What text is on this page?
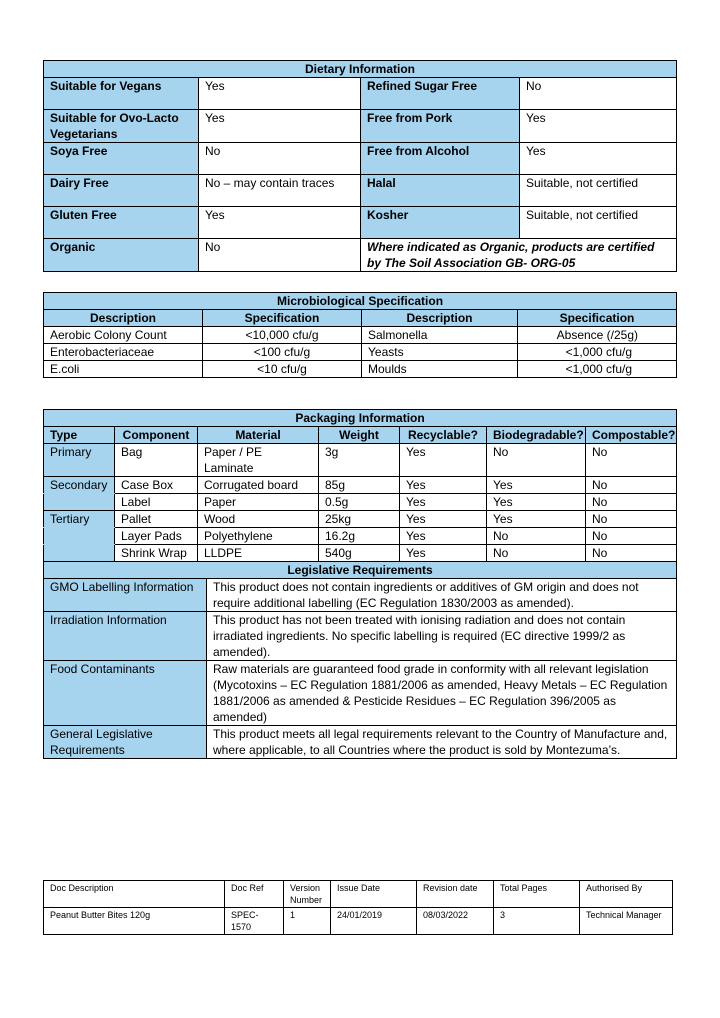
Dietary Information			
Suitable for Vegans	Yes	Refined Sugar Free	No
Suitable for Ovo-Lacto Vegetarians	Yes	Free from Pork	Yes
Soya Free	No	Free from Alcohol	Yes
Dairy Free	No – may contain traces	Halal	Suitable, not certified
Gluten Free	Yes	Kosher	Suitable, not certified
Organic	No	Where indicated as Organic, products are certified by The Soil Association GB- ORG-05	
Microbiological Specification			
Description	Specification	Description	Specification
Aerobic Colony Count	<10,000 cfu/g	Salmonella	Absence (/25g)
Enterobacteriaceae	<100 cfu/g	Yeasts	<1,000 cfu/g
E.coli	<10 cfu/g	Moulds	<1,000 cfu/g
Packaging Information						
Type	Component	Material	Weight	Recyclable?	Biodegradable?	Compostable?
Primary	Bag	Paper / PE Laminate	3g	Yes	No	No
Secondary	Case Box	Corrugated board	85g	Yes	Yes	No
	Label	Paper	0.5g	Yes	Yes	No
Tertiary	Pallet	Wood	25kg	Yes	Yes	No
	Layer Pads	Polyethylene	16.2g	Yes	No	No
	Shrink Wrap	LLDPE	540g	Yes	No	No
Legislative Requirements	
GMO Labelling Information	This product does not contain ingredients or additives of GM origin and does not require additional labelling (EC Regulation 1830/2003 as amended).
Irradiation Information	This product has not been treated with ionising radiation and does not contain irradiated ingredients. No specific labelling is required (EC directive 1999/2 as amended).
Food Contaminants	Raw materials are guaranteed food grade in conformity with all relevant legislation (Mycotoxins – EC Regulation 1881/2006 as amended, Heavy Metals – EC Regulation 1881/2006 as amended & Pesticide Residues – EC Regulation 396/2005 as amended)
General Legislative Requirements	This product meets all legal requirements relevant to the Country of Manufacture and, where applicable, to all Countries where the product is sold by Montezuma’s.
Doc Description	Doc Ref	Version Number	Issue Date	Revision date	Total Pages	Authorised By
Peanut Butter Bites 120g	SPEC-1570	1	24/01/2019	08/03/2022	3	Technical Manager
